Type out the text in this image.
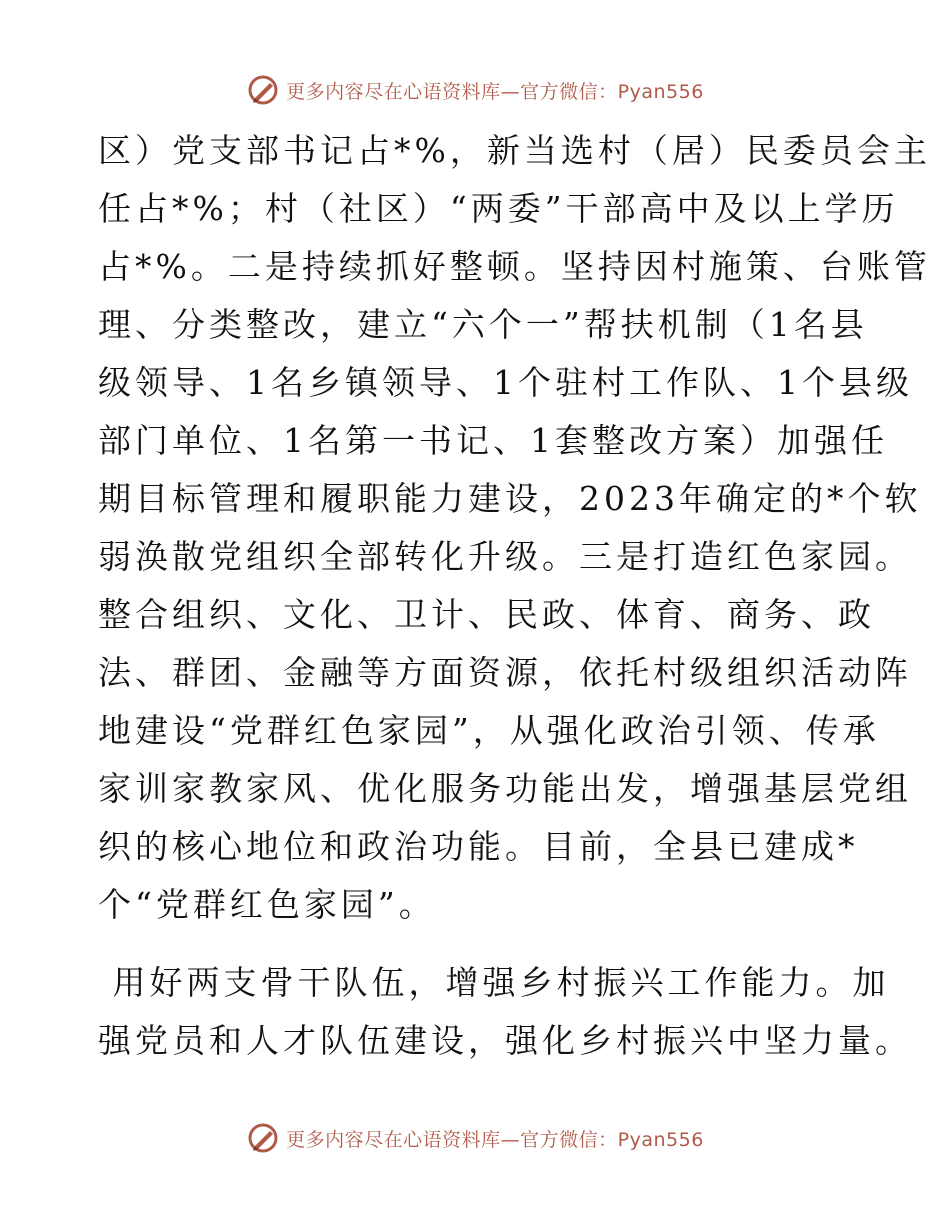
更多内容尽在心语资料库—官方微信：Pyan556

区）党支部书记占*%，新当选村（居）民委员会主
任占*%；村（社区）“两委”干部高中及以上学历
占*%。二是持续抓好整顿。坚持因村施策、台账管
理、分类整改，建立“六个一”帮扶机制（1名县
级领导、1名乡镇领导、1个驻村工作队、1个县级
部门单位、1名第一书记、1套整改方案）加强任
期目标管理和履职能力建设，2023年确定的*个软
弱涣散党组织全部转化升级。三是打造红色家园。
整合组织、文化、卫计、民政、体育、商务、政
法、群团、金融等方面资源，依托村级组织活动阵
地建设“党群红色家园”，从强化政治引领、传承
家训家教家风、优化服务功能出发，增强基层党组
织的核心地位和政治功能。目前，全县已建成*
个“党群红色家园”。

用好两支骨干队伍，增强乡村振兴工作能力。加
强党员和人才队伍建设，强化乡村振兴中坚力量。

更多内容尽在心语资料库—官方微信：Pyan556
